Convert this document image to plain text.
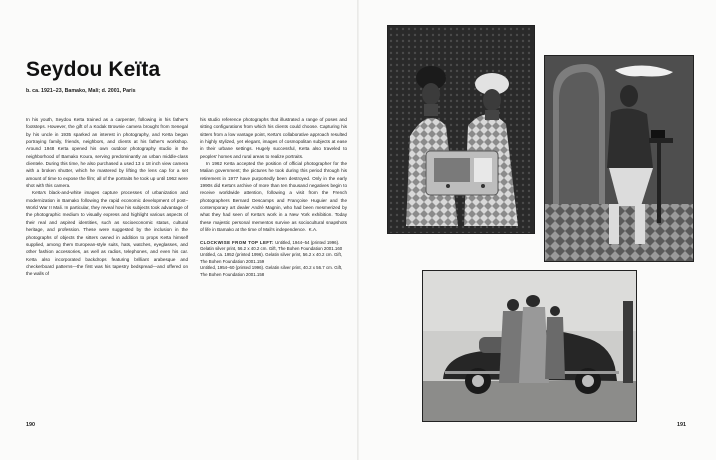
Seydou Keïta
b. ca. 1921–23, Bamako, Mali; d. 2001, Paris

In his youth, Seydou Keïta trained as a carpenter, following in his father's footsteps. However, the gift of a Kodak Brownie camera brought from Senegal by his uncle in 1935 sparked an interest in photography, and Keïta began portraying family, friends, neighbors, and clients at his father's workshop. Around 1948 Keïta opened his own outdoor photography studio in the neighborhood of Bamako Koura, serving predominantly an urban middle-class clientele. During this time, he also purchased a used 13 x 18 inch view camera with a broken shutter, which he mastered by lifting the lens cap for a set amount of time to expose the film; all of the portraits he took up until 1962 were shot with this camera.

Keïta's black-and-white images capture processes of urbanization and modernization in Bamako following the rapid economic development of post–World War II Mali. In particular, they reveal how his subjects took advantage of the photographic medium to visually express and highlight various aspects of their real and aspired identities, such as socioeconomic status, cultural heritage, and profession. These were suggested by the inclusion in the photographs of objects the sitters owned in addition to props Keïta himself supplied, among them European-style suits, hats, watches, eyeglasses, and other fashion accessories, as well as radios, telephones, and even his car. Keïta also incorporated backdrops featuring brilliant arabesque and checkerboard patterns—the first was his tapestry bedspread—and offered on the walls of

his studio reference photographs that illustrated a range of poses and sitting configurations from which his clients could choose. Capturing his sitters from a low vantage point, Keïta's collaborative approach resulted in highly stylized, yet elegant, images of cosmopolitan subjects at ease in their urbane settings. Hugely successful, Keïta also traveled to peoples' homes and rural areas to realize portraits.

In 1962 Keïta accepted the position of official photographer for the Malian government; the pictures he took during this period through his retirement in 1977 have purportedly been destroyed. Only in the early 1990s did Keïta's archive of more than ten thousand negatives begin to receive worldwide attention, following a visit from the French photographers Bernard Descamps and Françoise Huguier and the contemporary art dealer André Magnin, who had been mesmerized by what they had seen of Keïta's work in a New York exhibition. Today these majestic personal mementos survive as sociocultural snapshots of life in Bamako at the time of Mali's independence. K.A.

CLOCKWISE FROM TOP LEFT: Untitled, 1944–54 (printed 1996). Gelatin silver print, 56.2 x 40.2 cm. Gift, The Bohen Foundation 2001.160
Untitled, ca. 1952 (printed 1996). Gelatin silver print, 56.2 x 40.2 cm. Gift, The Bohen Foundation 2001.159
Untitled, 1954–60 (printed 1996). Gelatin silver print, 40.2 x 56.7 cm. Gift, The Bohen Foundation 2001.158
190	191
